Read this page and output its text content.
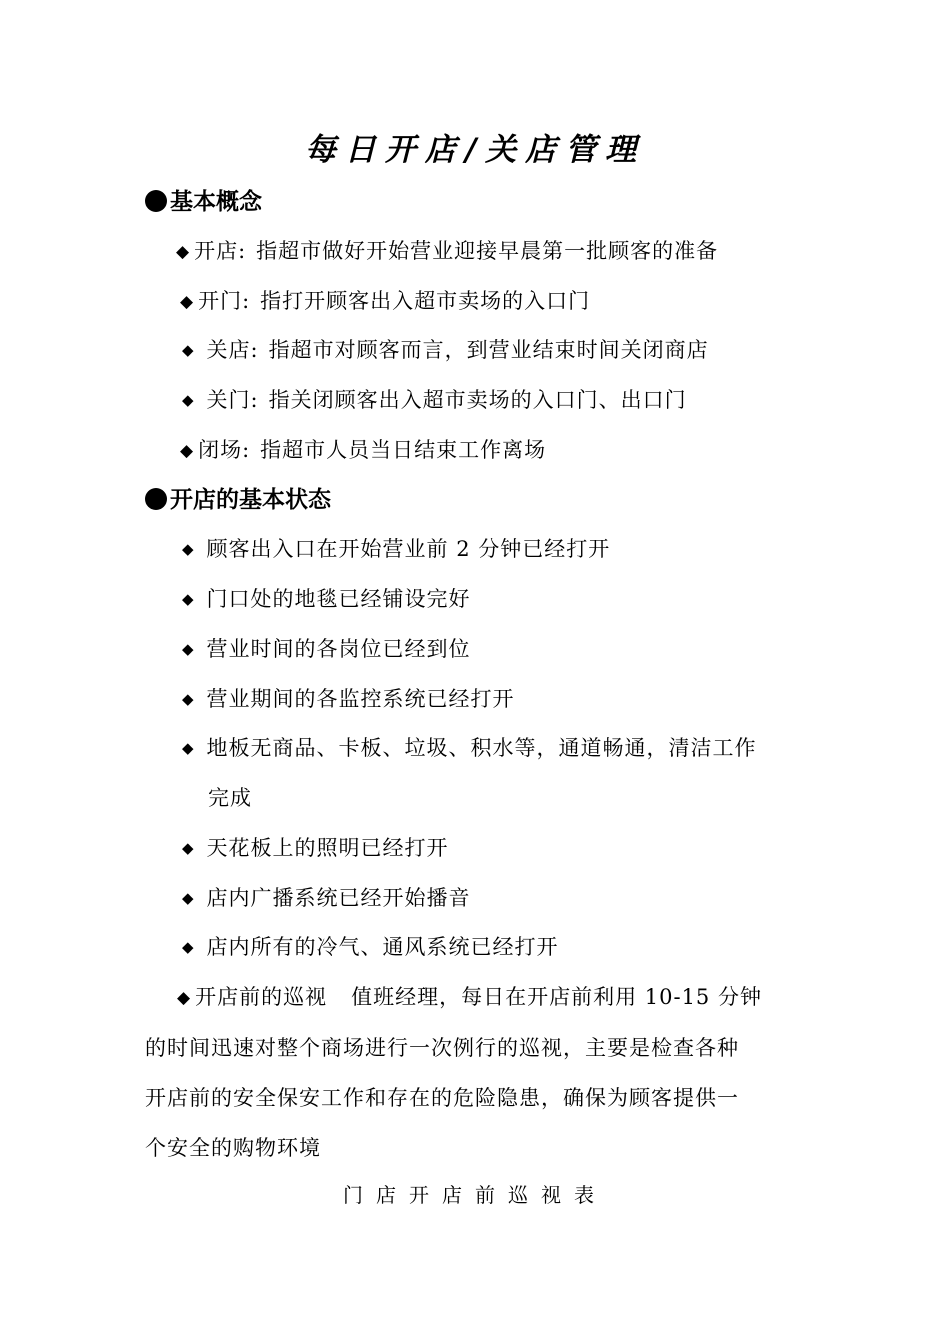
每日开店/关店管理
基本概念
◆ 开店: 指超市做好开始营业迎接早晨第一批顾客的准备
◆ 开门: 指打开顾客出入超市卖场的入口门
◆ 关店: 指超市对顾客而言，到营业结束时间关闭商店
◆ 关门: 指关闭顾客出入超市卖场的入口门、出口门
◆ 闭场: 指超市人员当日结束工作离场
开店的基本状态
◆ 顾客出入口在开始营业前 2 分钟已经打开
◆ 门口处的地毯已经铺设完好
◆ 营业时间的各岗位已经到位
◆ 营业期间的各监控系统已经打开
◆ 地板无商品、卡板、垃圾、积水等，通道畅通，清洁工作
完成
◆ 天花板上的照明已经打开
◆ 店内广播系统已经开始播音
◆ 店内所有的冷气、通风系统已经打开
◆ 开店前的巡视 值班经理，每日在开店前利用 10-15 分钟
的时间迅速对整个商场进行一次例行的巡视，主要是检查各种
开店前的安全保安工作和存在的危险隐患，确保为顾客提供一
个安全的购物环境
门店开店前巡视表
